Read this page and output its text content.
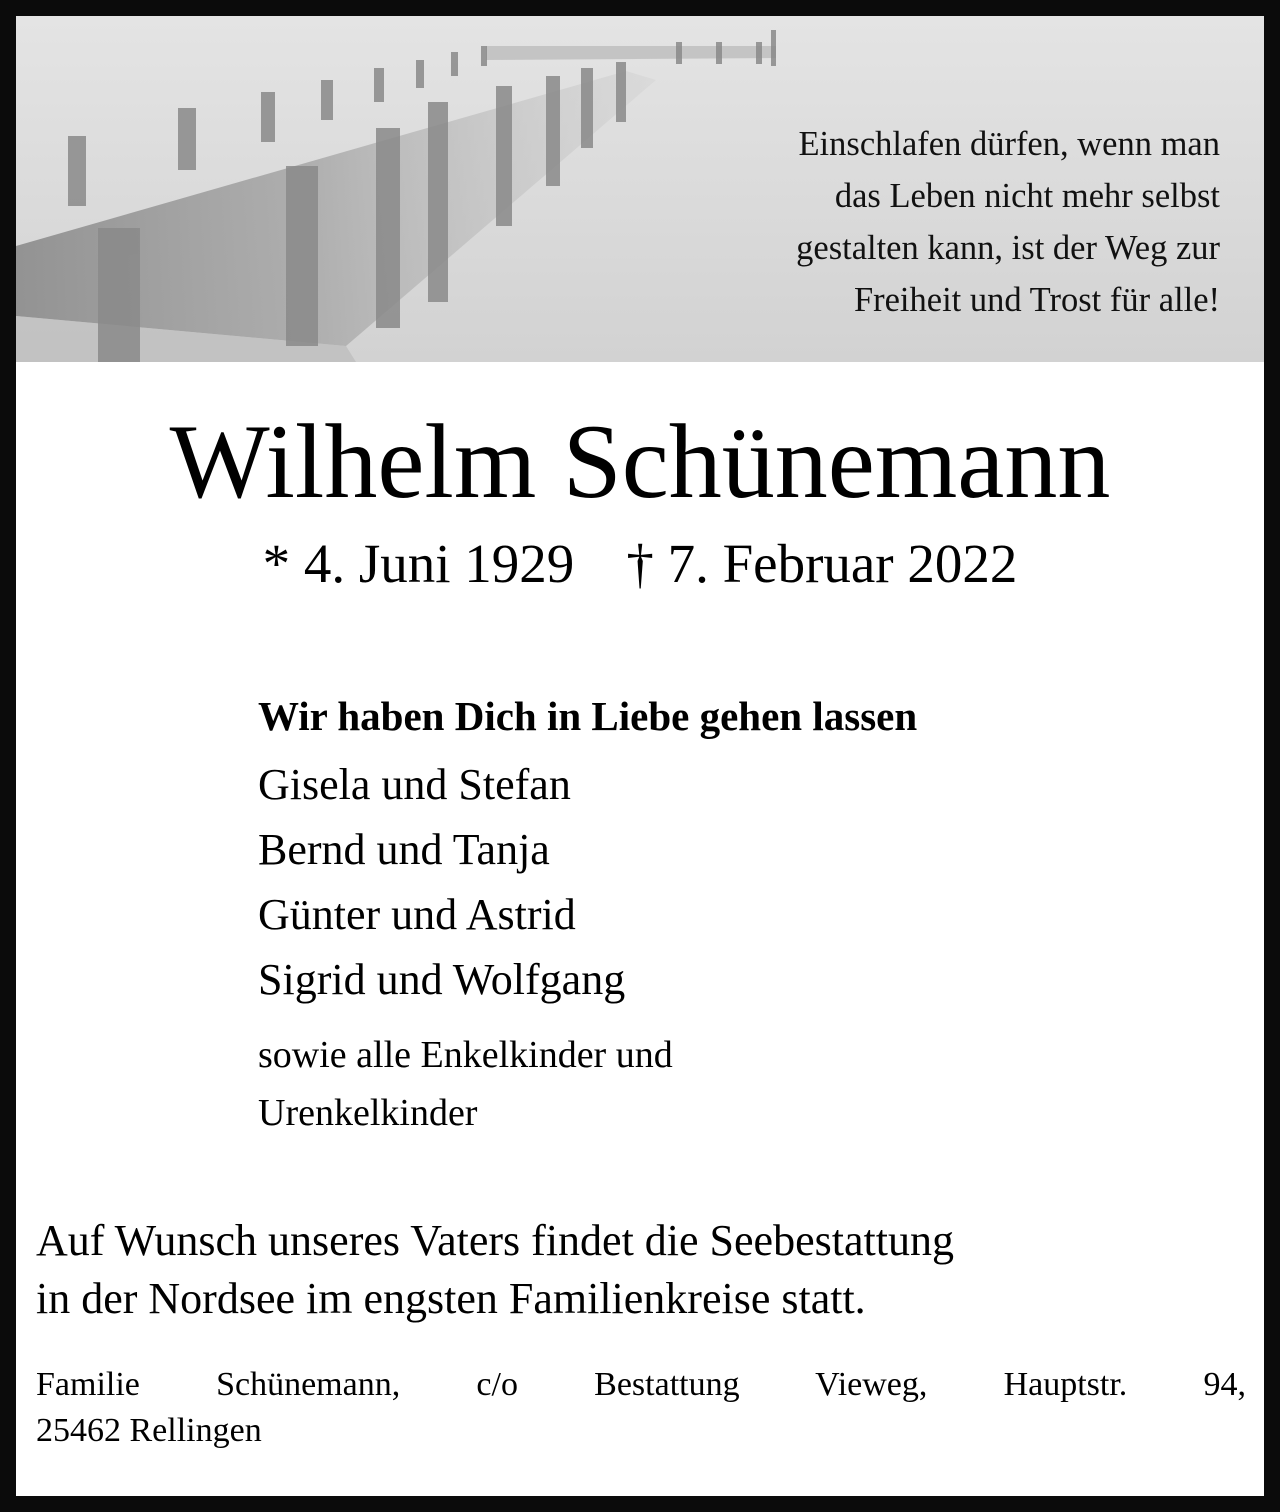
Einschlafen dürfen, wenn man
das Leben nicht mehr selbst
gestalten kann, ist der Weg zur
Freiheit und Trost für alle!
Wilhelm Schünemann
* 4. Juni 1929 † 7. Februar 2022
Wir haben Dich in Liebe gehen lassen
Gisela und Stefan
Bernd und Tanja
Günter und Astrid
Sigrid und Wolfgang
sowie alle Enkelkinder und
Urenkelkinder
Auf Wunsch unseres Vaters findet die Seebestattung
in der Nordsee im engsten Familienkreise statt.
Familie Schünemann, c/o Bestattung Vieweg, Hauptstr. 94,
25462 Rellingen
